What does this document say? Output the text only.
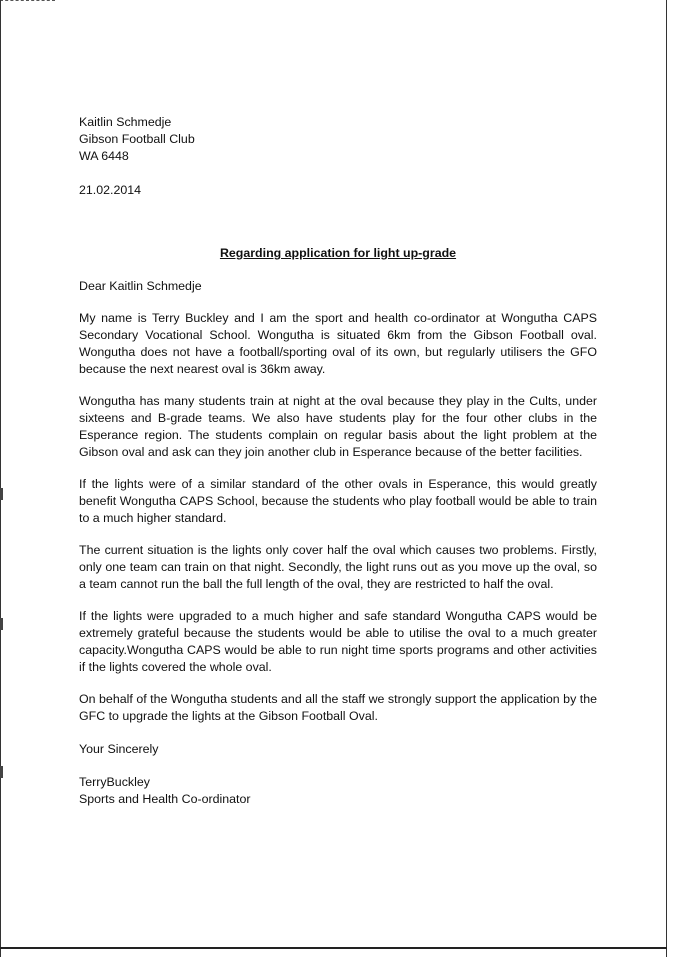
Kaitlin Schmedje
Gibson Football Club
WA 6448
21.02.2014
Regarding application for light up-grade
Dear Kaitlin Schmedje
My name is Terry Buckley and I am the sport and health co-ordinator at Wongutha CAPS Secondary Vocational School. Wongutha is situated 6km from the Gibson Football oval. Wongutha does not have a football/sporting oval of its own, but regularly utilisers the GFO because the next nearest oval is 36km away.
Wongutha has many students train at night at the oval because they play in the Cults, under sixteens and B-grade teams. We also have students play for the four other clubs in the Esperance region. The students complain on regular basis about the light problem at the Gibson oval and ask can they join another club in Esperance because of the better facilities.
If the lights were of a similar standard of the other ovals in Esperance, this would greatly benefit Wongutha CAPS School, because the students who play football would be able to train to a much higher standard.
The current situation is the lights only cover half the oval which causes two problems. Firstly, only one team can train on that night. Secondly, the light runs out as you move up the oval, so a team cannot run the ball the full length of the oval, they are restricted to half the oval.
If the lights were upgraded to a much higher and safe standard Wongutha CAPS would be extremely grateful because the students would be able to utilise the oval to a much greater capacity.Wongutha CAPS would be able to run night time sports programs and other activities if the lights covered the whole oval.
On behalf of the Wongutha students and all the staff we strongly support the application by the GFC to upgrade the lights at the Gibson Football Oval.
Your Sincerely
TerryBuckley
Sports and Health Co-ordinator
